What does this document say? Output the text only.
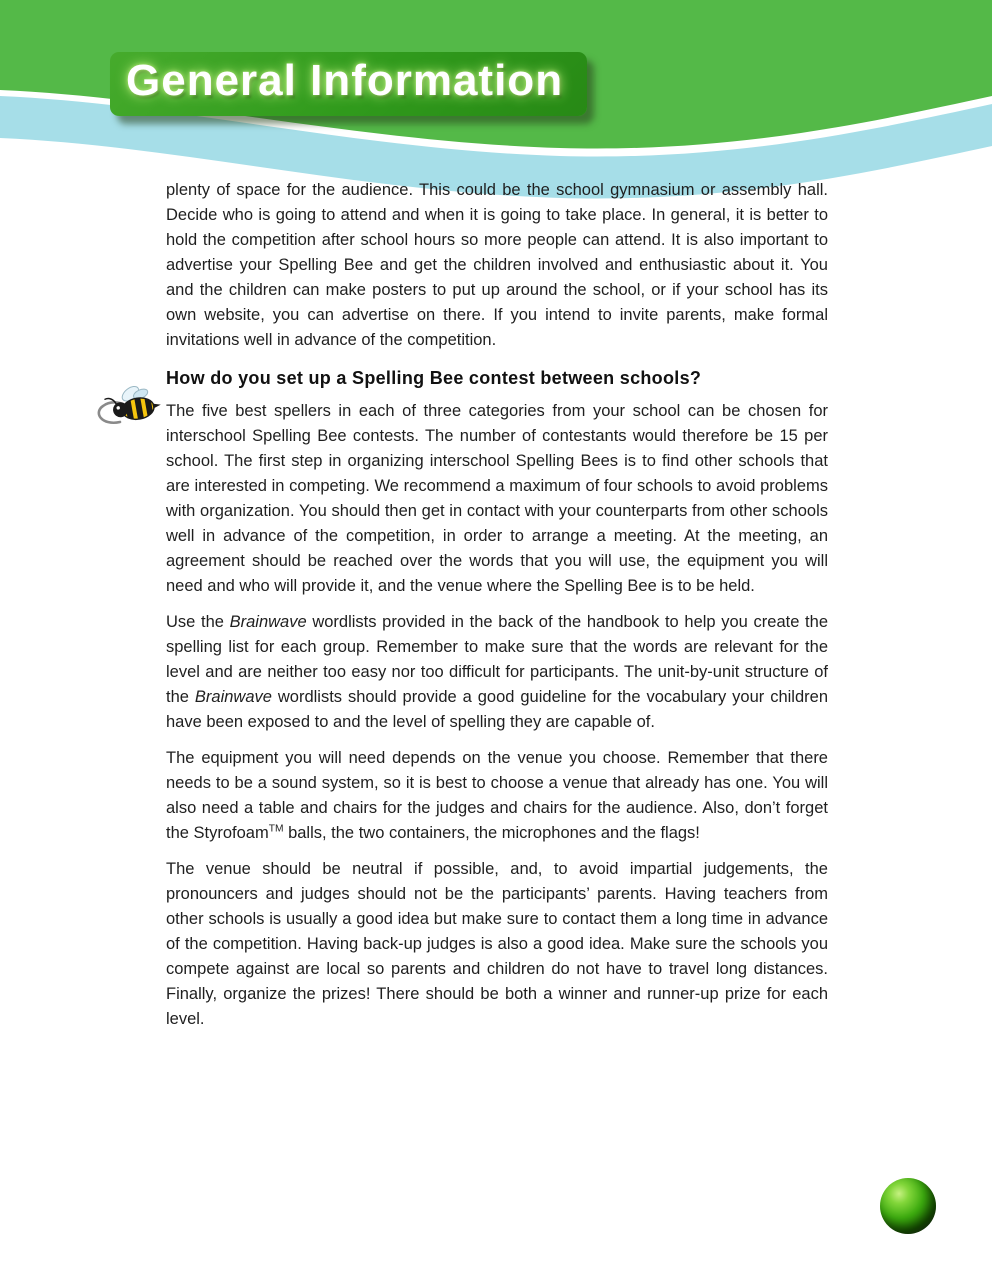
General Information

plenty of space for the audience. This could be the school gymnasium or assembly hall. Decide who is going to attend and when it is going to take place. In general, it is better to hold the competition after school hours so more people can attend. It is also important to advertise your Spelling Bee and get the children involved and enthusiastic about it. You and the children can make posters to put up around the school, or if your school has its own website, you can advertise on there. If you intend to invite parents, make formal invitations well in advance of the competition.

How do you set up a Spelling Bee contest between schools?

The five best spellers in each of three categories from your school can be chosen for interschool Spelling Bee contests. The number of contestants would therefore be 15 per school. The first step in organizing interschool Spelling Bees is to find other schools that are interested in competing. We recommend a maximum of four schools to avoid problems with organization. You should then get in contact with your counterparts from other schools well in advance of the competition, in order to arrange a meeting. At the meeting, an agreement should be reached over the words that you will use, the equipment you will need and who will provide it, and the venue where the Spelling Bee is to be held.

Use the Brainwave wordlists provided in the back of the handbook to help you create the spelling list for each group. Remember to make sure that the words are relevant for the level and are neither too easy nor too difficult for participants. The unit-by-unit structure of the Brainwave wordlists should provide a good guideline for the vocabulary your children have been exposed to and the level of spelling they are capable of.

The equipment you will need depends on the venue you choose. Remember that there needs to be a sound system, so it is best to choose a venue that already has one. You will also need a table and chairs for the judges and chairs for the audience. Also, don’t forget the Styrofoam™ balls, the two containers, the microphones and the flags!

The venue should be neutral if possible, and, to avoid impartial judgements, the pronouncers and judges should not be the participants’ parents. Having teachers from other schools is usually a good idea but make sure to contact them a long time in advance of the competition. Having back-up judges is also a good idea. Make sure the schools you compete against are local so parents and children do not have to travel long distances. Finally, organize the prizes! There should be both a winner and runner-up prize for each level.
